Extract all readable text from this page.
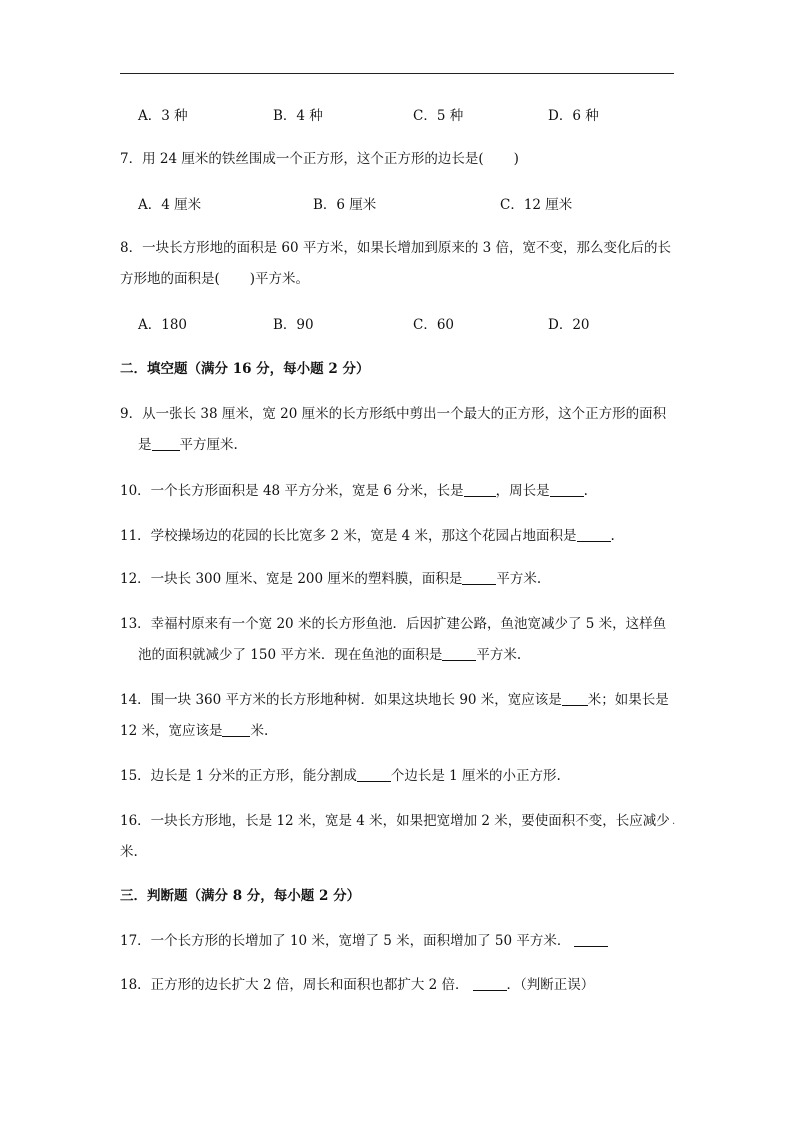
A．3 种	B．4 种	C．5 种	D．6 种
7．用 24 厘米的铁丝围成一个正方形，这个正方形的边长是( )
A．4 厘米	B．6 厘米	C．12 厘米
8．一块长方形地的面积是 60 平方米，如果长增加到原来的 3 倍，宽不变，那么变化后的长
方形地的面积是( )平方米。
A．180	B．90	C．60	D．20
二．填空题（满分 16 分，每小题 2 分）
9．从一张长 38 厘米，宽 20 厘米的长方形纸中剪出一个最大的正方形，这个正方形的面积
是 平方厘米.
10．一个长方形面积是 48 平方分米，宽是 6 分米，长是 ，周长是	.
11．学校操场边的花园的长比宽多 2 米，宽是 4 米，那这个花园占地面积是	.
12．一块长 300 厘米、宽是 200 厘米的塑料膜，面积是	平方米.
13．幸福村原来有一个宽 20 米的长方形鱼池．后因扩建公路，鱼池宽减少了 5 米，这样鱼
池的面积就减少了 150 平方米．现在鱼池的面积是	平方米.
14．围一块 360 平方米的长方形地种树．如果这块地长 90 米，宽应该是 米；如果长是
12 米，宽应该是 米.
15．边长是 1 分米的正方形，能分割成	个边长是 1 厘米的小正方形.
16．一块长方形地，长是 12 米，宽是 4 米，如果把宽增加 2 米，要使面积不变，长应减少 .
米.
三．判断题（满分 8 分，每小题 2 分）
17．一个长方形的长增加了 10 米，宽增了 5 米，面积增加了 50 平方米．
18．正方形的边长扩大 2 倍，周长和面积也都扩大 2 倍．	．（判断正误）
